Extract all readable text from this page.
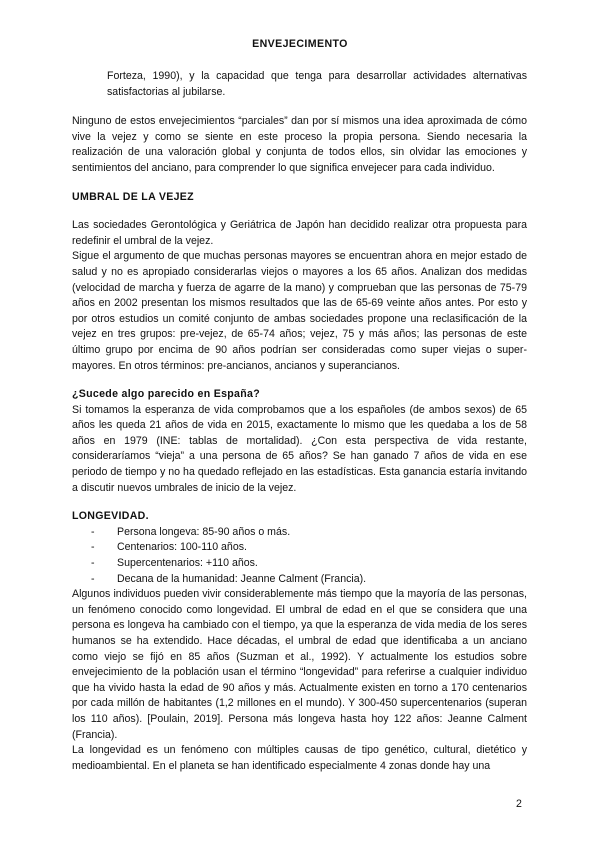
ENVEJECIMENTO

Forteza, 1990), y la capacidad que tenga para desarrollar actividades alternativas satisfactorias al jubilarse.

Ninguno de estos envejecimientos “parciales” dan por sí mismos una idea aproximada de cómo vive la vejez y como se siente en este proceso la propia persona. Siendo necesaria la realización de una valoración global y conjunta de todos ellos, sin olvidar las emociones y sentimientos del anciano, para comprender lo que significa envejecer para cada individuo.

UMBRAL DE LA VEJEZ

Las sociedades Gerontológica y Geriátrica de Japón han decidido realizar otra propuesta para redefinir el umbral de la vejez.

Sigue el argumento de que muchas personas mayores se encuentran ahora en mejor estado de salud y no es apropiado considerarlas viejos o mayores a los 65 años. Analizan dos medidas (velocidad de marcha y fuerza de agarre de la mano) y comprueban que las personas de 75-79 años en 2002 presentan los mismos resultados que las de 65-69 veinte años antes. Por esto y por otros estudios un comité conjunto de ambas sociedades propone una reclasificación de la vejez en tres grupos: pre-vejez, de 65-74 años; vejez, 75 y más años; las personas de este último grupo por encima de 90 años podrían ser consideradas como super viejas o super-mayores. En otros términos: pre-ancianos, ancianos y superancianos.

¿Sucede algo parecido en España?

Si tomamos la esperanza de vida comprobamos que a los españoles (de ambos sexos) de 65 años les queda 21 años de vida en 2015, exactamente lo mismo que les quedaba a los de 58 años en 1979 (INE: tablas de mortalidad). ¿Con esta perspectiva de vida restante, consideraríamos “vieja” a una persona de 65 años? Se han ganado 7 años de vida en ese periodo de tiempo y no ha quedado reflejado en las estadísticas. Esta ganancia estaría invitando a discutir nuevos umbrales de inicio de la vejez.

LONGEVIDAD.

- Persona longeva: 85-90 años o más.
- Centenarios: 100-110 años.
- Supercentenarios: +110 años.
- Decana de la humanidad: Jeanne Calment (Francia).

Algunos individuos pueden vivir considerablemente más tiempo que la mayoría de las personas, un fenómeno conocido como longevidad. El umbral de edad en el que se considera que una persona es longeva ha cambiado con el tiempo, ya que la esperanza de vida media de los seres humanos se ha extendido. Hace décadas, el umbral de edad que identificaba a un anciano como viejo se fijó en 85 años (Suzman et al., 1992). Y actualmente los estudios sobre envejecimiento de la población usan el término “longevidad” para referirse a cualquier individuo que ha vivido hasta la edad de 90 años y más. Actualmente existen en torno a 170 centenarios por cada millón de habitantes (1,2 millones en el mundo). Y 300-450 supercentenarios (superan los 110 años). [Poulain, 2019]. Persona más longeva hasta hoy 122 años: Jeanne Calment (Francia).

La longevidad es un fenómeno con múltiples causas de tipo genético, cultural, dietético y medioambiental. En el planeta se han identificado especialmente 4 zonas donde hay una

2
